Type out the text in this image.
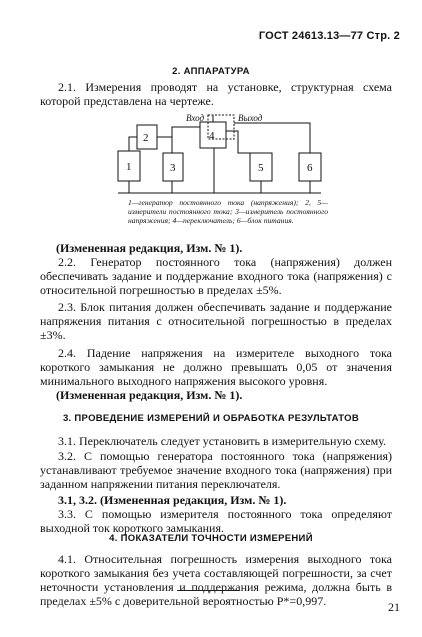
ГОСТ 24613.13—77 Стр. 2
2. АППАРАТУРА

2.1. Измерения проводят на установке, структурная схема которой представлена на чертеже.

1
2
3
4
5	6
Вход	Выход

1—генератор постоянного тока (напряжения); 2, 5—измерители постоянного тока; 3—измеритель постоянного напряжения; 4—переключатель; 6—блок питания.

(Измененная редакция, Изм. № 1).

2.2. Генератор постоянного тока (напряжения) должен обеспечивать задание и поддержание входного тока (напряжения) с относительной погрешностью в пределах ±5%.

2.3. Блок питания должен обеспечивать задание и поддержание напряжения питания с относительной погрешностью в пределах ±3%.

2.4. Падение напряжения на измерителе выходного тока короткого замыкания не должно превышать 0,05 от значения минимального выходного напряжения высокого уровня.

(Измененная редакция, Изм. № 1).

3. ПРОВЕДЕНИЕ ИЗМЕРЕНИЙ И ОБРАБОТКА РЕЗУЛЬТАТОВ

3.1. Переключатель следует установить в измерительную схему.

3.2. С помощью генератора постоянного тока (напряжения) устанавливают требуемое значение входного тока (напряжения) при заданном напряжении питания переключателя.

3.1, 3.2. (Измененная редакция, Изм. № 1).

3.3. С помощью измерителя постоянного тока определяют выходной ток короткого замыкания.

4. ПОКАЗАТЕЛИ ТОЧНОСТИ ИЗМЕРЕНИЙ

4.1. Относительная погрешность измерения выходного тока короткого замыкания без учета составляющей погрешности, за счет неточности установления и поддержания режима, должна быть в пределах ±5% с доверительной вероятностью P*=0,997.	21
